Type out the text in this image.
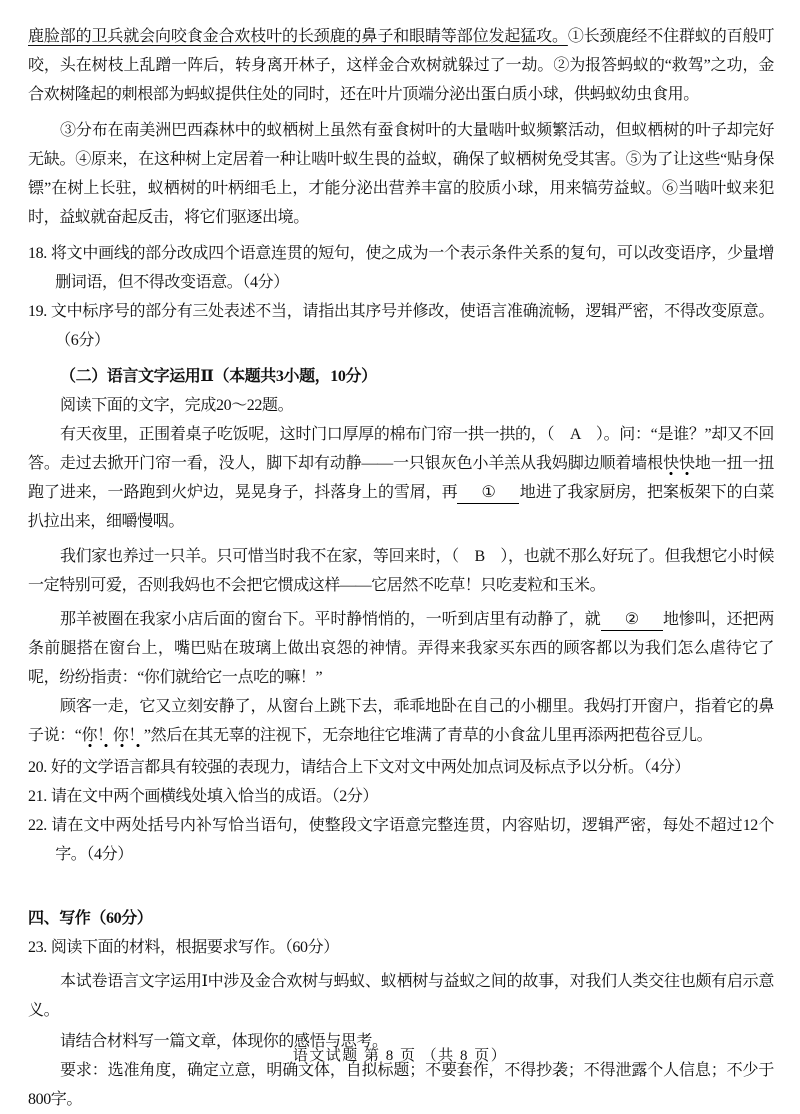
鹿脸部的卫兵就会向咬食金合欢枝叶的长颈鹿的鼻子和眼睛等部位发起猛攻。①长颈鹿经不住群蚁的百般叮咬，头在树枝上乱蹭一阵后，转身离开林子，这样金合欢树就躲过了一劫。②为报答蚂蚁的“救驾”之功，金合欢树隆起的刺根部为蚂蚁提供住处的同时，还在叶片顶端分泌出蛋白质小球，供蚂蚁幼虫食用。

③分布在南美洲巴西森林中的蚁栖树上虽然有蚕食树叶的大量啮叶蚁频繁活动，但蚁栖树的叶子却完好无缺。④原来，在这种树上定居着一种让啮叶蚁生畏的益蚁，确保了蚁栖树免受其害。⑤为了让这些“贴身保镖”在树上长驻，蚁栖树的叶柄细毛上，才能分泌出营养丰富的胶质小球，用来犒劳益蚁。⑥当啮叶蚁来犯时，益蚁就奋起反击，将它们驱逐出境。

18. 将文中画线的部分改成四个语意连贯的短句，使之成为一个表示条件关系的复句，可以改变语序，少量增删词语，但不得改变语意。（4分）

19. 文中标序号的部分有三处表述不当，请指出其序号并修改，使语言准确流畅，逻辑严密，不得改变原意。（6分）

（二）语言文字运用Ⅱ（本题共3小题，10分）

阅读下面的文字，完成20～22题。

有天夜里，正围着桌子吃饭呢，这时门口厚厚的棉布门帘一拱一拱的，（　A　）。问：“是谁？”却又不回答。走过去掀开门帘一看，没人，脚下却有动静——一只银灰色小羊羔从我妈脚边顺着墙根快快地一扭一扭跑了进来，一路跑到火炉边，晃晃身子，抖落身上的雪屑，再 ① 地进了我家厨房，把案板架下的白菜扒拉出来，细嚼慢咽。

我们家也养过一只羊。只可惜当时我不在家，等回来时，（　B　），也就不那么好玩了。但我想它小时候一定特别可爱，否则我妈也不会把它惯成这样——它居然不吃草！只吃麦粒和玉米。

那羊被圈在我家小店后面的窗台下。平时静悄悄的，一听到店里有动静了，就 ② 地惨叫，还把两条前腿搭在窗台上，嘴巴贴在玻璃上做出哀怨的神情。弄得来我家买东西的顾客都以为我们怎么虐待它了呢，纷纷指责：“你们就给它一点吃的嘛！”

顾客一走，它又立刻安静了，从窗台上跳下去，乖乖地卧在自己的小棚里。我妈打开窗户，指着它的鼻子说：“你！你！”然后在其无辜的注视下，无奈地往它堆满了青草的小食盆儿里再添两把苞谷豆儿。

20. 好的文学语言都具有较强的表现力，请结合上下文对文中两处加点词及标点予以分析。（4分）

21. 请在文中两个画横线处填入恰当的成语。（2分）

22. 请在文中两处括号内补写恰当语句，使整段文字语意完整连贯，内容贴切，逻辑严密，每处不超过12个字。（4分）

四、写作（60分）

23. 阅读下面的材料，根据要求写作。（60分）

本试卷语言文字运用Ⅰ中涉及金合欢树与蚂蚁、蚁栖树与益蚁之间的故事，对我们人类交往也颇有启示意义。

请结合材料写一篇文章，体现你的感悟与思考。

要求：选准角度，确定立意，明确文体，自拟标题；不要套作，不得抄袭；不得泄露个人信息；不少于800字。

语文试题 第 8 页 （共 8 页）
